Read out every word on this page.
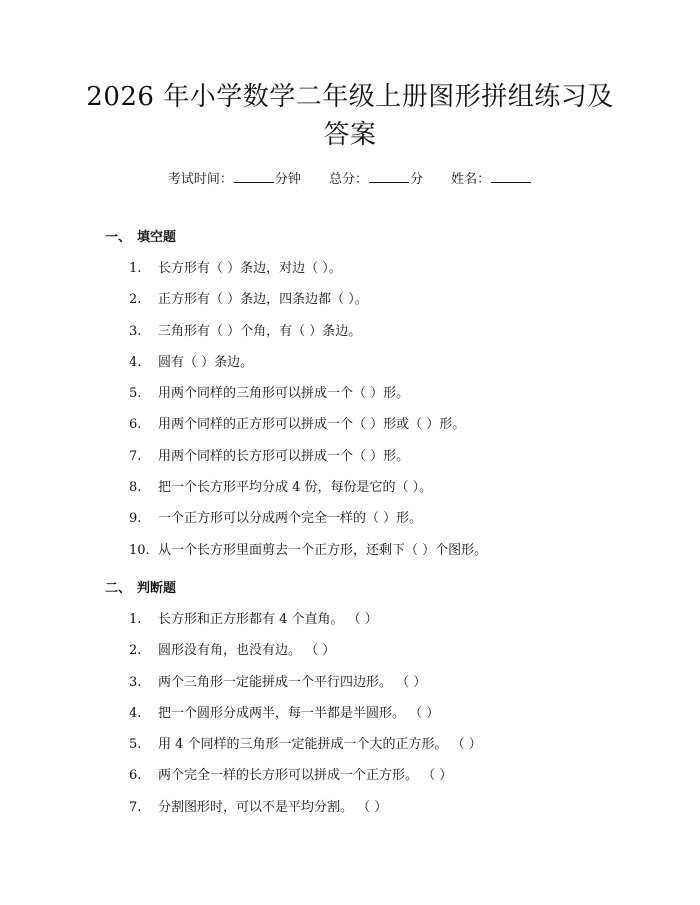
2026 年小学数学二年级上册图形拼组练习及答案
考试时间：	分钟 总分：	分 姓名：
一、 填空题
1. 长方形有（ ）条边，对边（ ）。
2. 正方形有（ ）条边，四条边都（ ）。
3. 三角形有（ ）个角，有（ ）条边。
4. 圆有（ ）条边。
5. 用两个同样的三角形可以拼成一个（ ）形。
6. 用两个同样的正方形可以拼成一个（ ）形或（ ）形。
7. 用两个同样的长方形可以拼成一个（ ）形。
8. 把一个长方形平均分成 4 份，每份是它的（ ）。
9. 一个正方形可以分成两个完全一样的（ ）形。
10. 从一个长方形里面剪去一个正方形，还剩下（ ）个图形。
二、 判断题
1. 长方形和正方形都有 4 个直角。 （ ）
2. 圆形没有角，也没有边。 （ ）
3. 两个三角形一定能拼成一个平行四边形。 （ ）
4. 把一个圆形分成两半，每一半都是半圆形。 （ ）
5. 用 4 个同样的三角形一定能拼成一个大的正方形。 （ ）
6. 两个完全一样的长方形可以拼成一个正方形。 （ ）
7. 分割图形时，可以不是平均分割。 （ ）
